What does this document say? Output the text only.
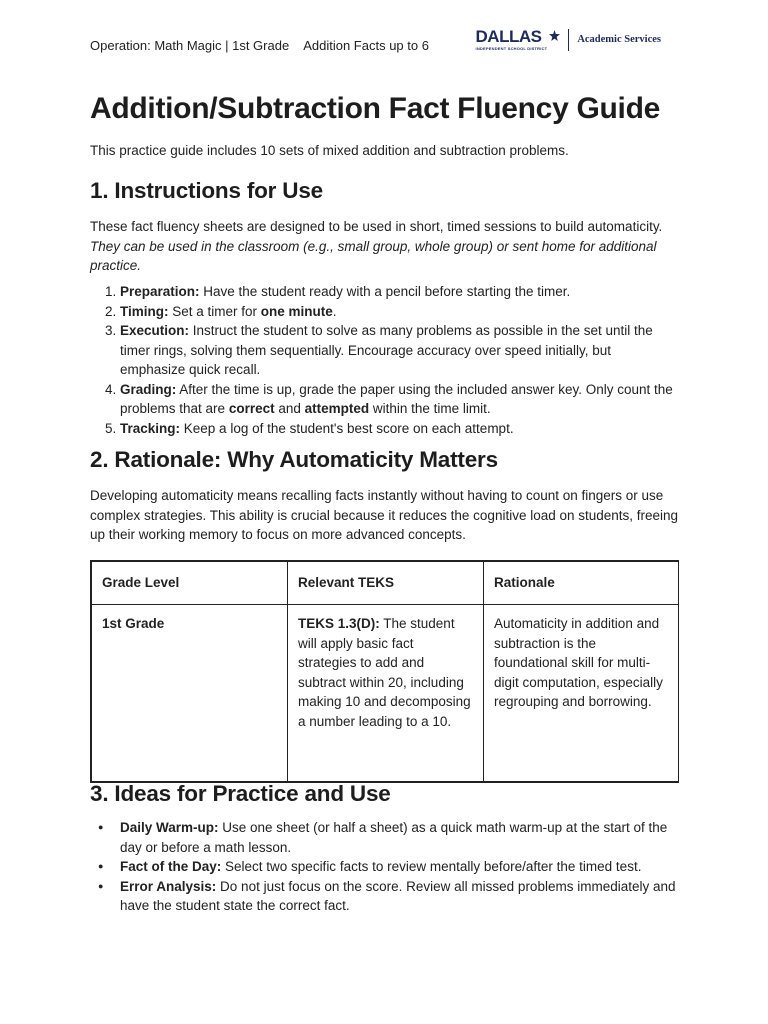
Operation: Math Magic | 1st Grade Addition Facts up to 6	DALLAS
INDEPENDENT SCHOOL DISTRICT
Academic Services
Addition/Subtraction Fact Fluency Guide
This practice guide includes 10 sets of mixed addition and subtraction problems.
1. Instructions for Use
These fact fluency sheets are designed to be used in short, timed sessions to build automaticity. They can be used in the classroom (e.g., small group, whole group) or sent home for additional practice.
1. Preparation: Have the student ready with a pencil before starting the timer.
2. Timing: Set a timer for one minute.
3. Execution: Instruct the student to solve as many problems as possible in the set until the timer rings, solving them sequentially. Encourage accuracy over speed initially, but emphasize quick recall.
4. Grading: After the time is up, grade the paper using the included answer key. Only count the problems that are correct and attempted within the time limit.
5. Tracking: Keep a log of the student's best score on each attempt.
2. Rationale: Why Automaticity Matters
Developing automaticity means recalling facts instantly without having to count on fingers or use complex strategies. This ability is crucial because it reduces the cognitive load on students, freeing up their working memory to focus on more advanced concepts.
Grade Level	Relevant TEKS	Rationale
1st Grade	TEKS 1.3(D): The student will apply basic fact strategies to add and subtract within 20, including making 10 and decomposing a number leading to a 10.	Automaticity in addition and subtraction is the foundational skill for multi-digit computation, especially regrouping and borrowing.
3. Ideas for Practice and Use
● Daily Warm-up: Use one sheet (or half a sheet) as a quick math warm-up at the start of the day or before a math lesson.
● Fact of the Day: Select two specific facts to review mentally before/after the timed test.
● Error Analysis: Do not just focus on the score. Review all missed problems immediately and have the student state the correct fact.
